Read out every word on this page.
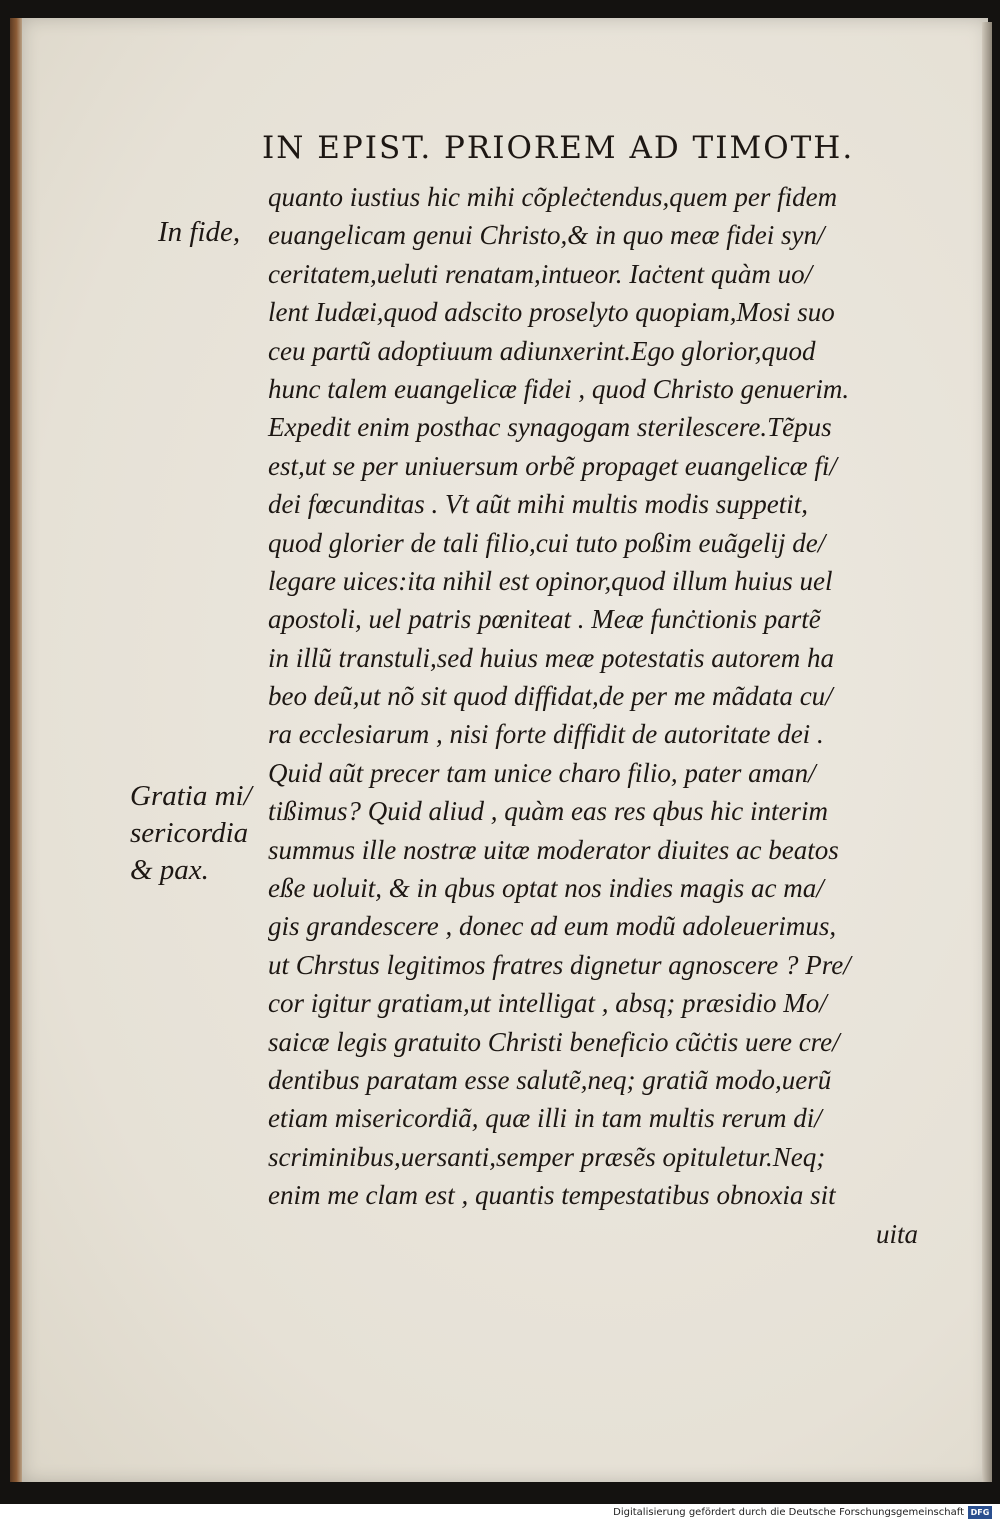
IN EPIST. PRIOREM AD TIMOTH.
In fide,
Gratia mi/
sericordia
& pax.
quanto iustius hic mihi cõpleċtendus,quem per fidem
euangelicam genui Christo,& in quo meæ fidei syn/
ceritatem,ueluti renatam,intueor. Iaċtent quàm uo/
lent Iudæi,quod adscito proselyto quopiam,Mosi suo
ceu partũ adoptiuum adiunxerint.Ego glorior,quod
hunc talem euangelicæ fidei , quod Christo genuerim.
Expedit enim posthac synagogam sterilescere.Tẽpus
est,ut se per uniuersum orbẽ propaget euangelicæ fi/
dei fœcunditas . Vt aũt mihi multis modis suppetit,
quod glorier de tali filio,cui tuto poßim euãgelij de/
legare uices:ita nihil est opinor,quod illum huius uel
apostoli, uel patris pœniteat . Meæ funċtionis partẽ
in illũ transtuli,sed huius meæ potestatis autorem ha
beo deũ,ut nõ sit quod diffidat,de per me mãdata cu/
ra ecclesiarum , nisi forte diffidit de autoritate dei .
Quid aũt precer tam unice charo filio, pater aman/
tißimus? Quid aliud , quàm eas res qbus hic interim
summus ille nostræ uitæ moderator diuites ac beatos
eße uoluit, & in qbus optat nos indies magis ac ma/
gis grandescere , donec ad eum modũ adoleuerimus,
ut Chrstus legitimos fratres dignetur agnoscere ? Pre/
cor igitur gratiam,ut intelligat , absq; præsidio Mo/
saicæ legis gratuito Christi beneficio cũċtis uere cre/
dentibus paratam esse salutẽ,neq; gratiã modo,uerũ
etiam misericordiã, quæ illi in tam multis rerum di/
scriminibus,uersanti,semper præsẽs opituletur.Neq;
enim me clam est , quantis tempestatibus obnoxia sit
uita
Digitalisierung gefördert durch die Deutsche Forschungsgemeinschaft DFG
